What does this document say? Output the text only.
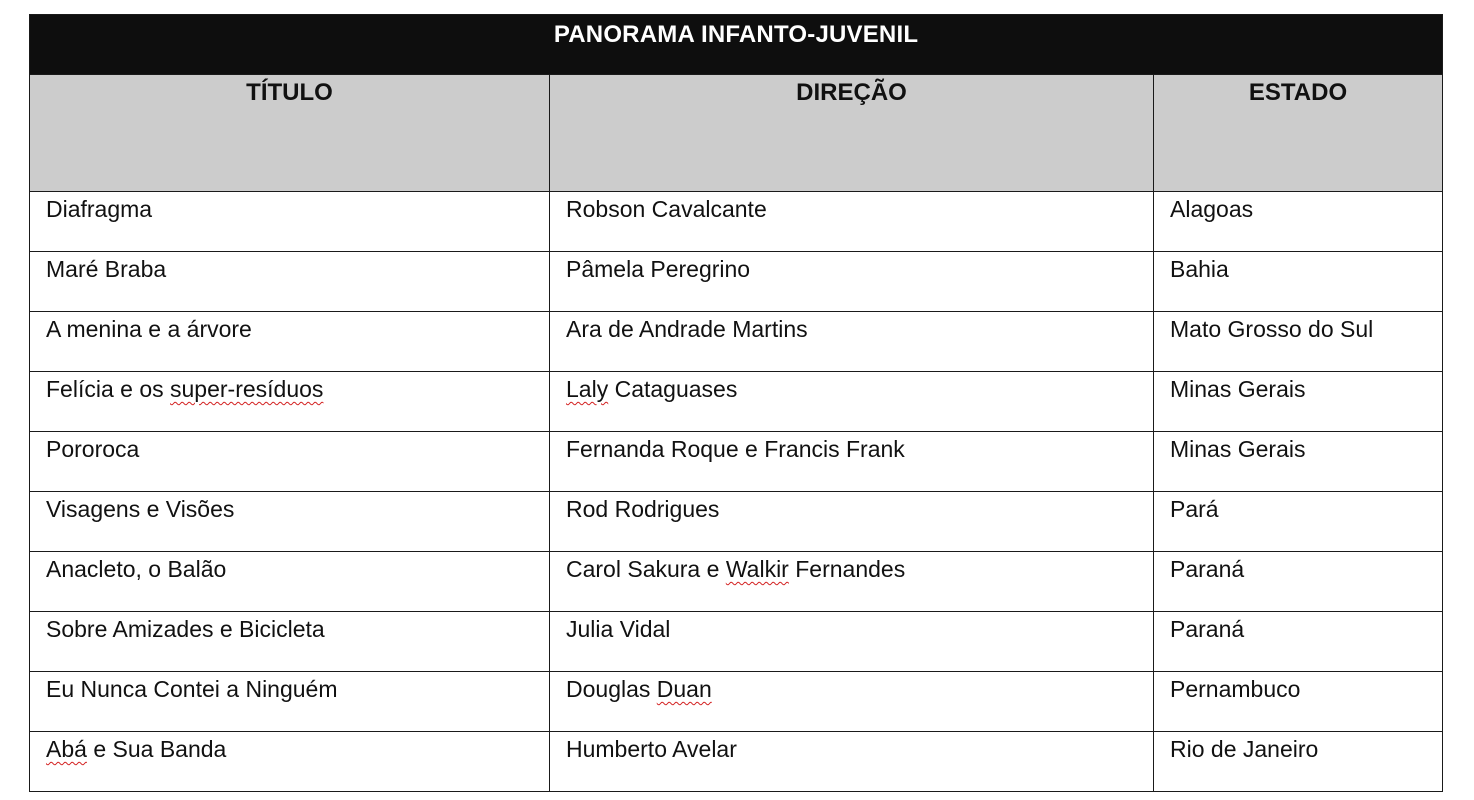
PANORAMA INFANTO-JUVENIL		
TÍTULO	DIREÇÃO	ESTADO
Diafragma	Robson Cavalcante	Alagoas
Maré Braba	Pâmela Peregrino	Bahia
A menina e a árvore	Ara de Andrade Martins	Mato Grosso do Sul
Felícia e os super-resíduos	Laly Cataguases	Minas Gerais
Pororoca	Fernanda Roque e Francis Frank	Minas Gerais
Visagens e Visões	Rod Rodrigues	Pará
Anacleto, o Balão	Carol Sakura e Walkir Fernandes	Paraná
Sobre Amizades e Bicicleta	Julia Vidal	Paraná
Eu Nunca Contei a Ninguém	Douglas Duan	Pernambuco
Abá e Sua Banda	Humberto Avelar	Rio de Janeiro
